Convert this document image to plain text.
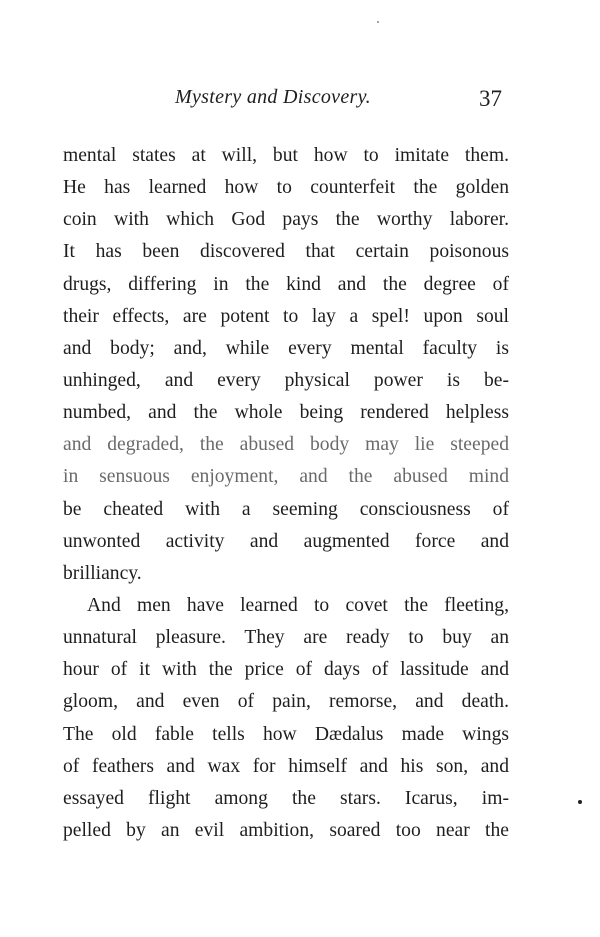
Mystery and Discovery.	37
mental states at will, but how to imitate them.
He has learned how to counterfeit the golden
coin with which God pays the worthy laborer.
It has been discovered that certain poisonous
drugs, differing in the kind and the degree of
their effects, are potent to lay a spel! upon soul
and body; and, while every mental faculty is
unhinged, and every physical power is be-
numbed, and the whole being rendered helpless
and degraded, the abused body may lie steeped
in sensuous enjoyment, and the abused mind
be cheated with a seeming consciousness of
unwonted activity and augmented force and
brilliancy.
And men have learned to covet the fleeting,
unnatural pleasure. They are ready to buy an
hour of it with the price of days of lassitude and
gloom, and even of pain, remorse, and death.
The old fable tells how Dædalus made wings
of feathers and wax for himself and his son, and
essayed flight among the stars. Icarus, im-
pelled by an evil ambition, soared too near the
